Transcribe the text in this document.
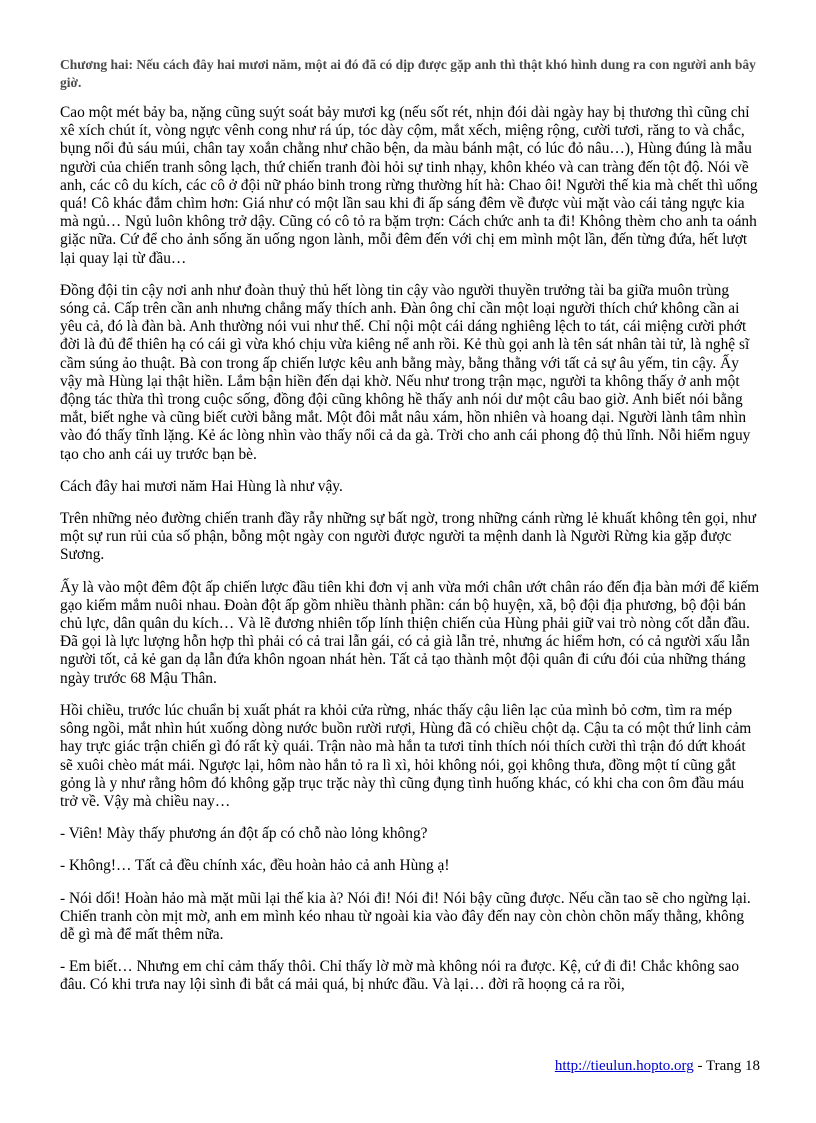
Chương hai: Nếu cách đây hai mươi năm, một ai đó đã có dịp được gặp anh thì thật khó hình dung ra con người anh bây giờ.

Cao một mét bảy ba, nặng cũng suýt soát bảy mươi kg (nếu sốt rét, nhịn đói dài ngày hay bị thương thì cũng chỉ xê xích chút ít, vòng ngực vênh cong như rá úp, tóc dày cộm, mắt xếch, miệng rộng, cười tươi, răng to và chắc, bụng nổi đủ sáu múi, chân tay xoắn chằng như chão bện, da màu bánh mật, có lúc đỏ nâu…), Hùng đúng là mẫu người của chiến tranh sông lạch, thứ chiến tranh đòi hỏi sự tinh nhạy, khôn khéo và can tràng đến tột độ. Nói về anh, các cô du kích, các cô ở đội nữ pháo binh trong rừng thường hít hà: Chao ôi! Người thế kia mà chết thì uổng quá! Cô khác đắm chìm hơn: Giá như có một lần sau khi đi ấp sáng đêm về được vùi mặt vào cái tảng ngực kia mà ngủ… Ngủ luôn không trở dậy. Cũng có cô tỏ ra bặm trợn: Cách chức anh ta đi! Không thèm cho anh ta oánh giặc nữa. Cứ để cho ảnh sống ăn uống ngon lành, mỗi đêm đến với chị em mình một lần, đến từng đứa, hết lượt lại quay lại từ đầu…

Đồng đội tin cậy nơi anh như đoàn thuỷ thủ hết lòng tin cậy vào người thuyền trưởng tài ba giữa muôn trùng sóng cả. Cấp trên cần anh nhưng chẳng mấy thích anh. Đàn ông chỉ cần một loại người thích chứ không cần ai yêu cả, đó là đàn bà. Anh thường nói vui như thế. Chỉ nội một cái dáng nghiêng lệch to tát, cái miệng cười phớt đời là đủ để thiên hạ có cái gì vừa khó chịu vừa kiêng nể anh rồi. Kẻ thù gọi anh là tên sát nhân tài tử, là nghệ sĩ cầm súng ảo thuật. Bà con trong ấp chiến lược kêu anh bằng mày, bằng thằng với tất cả sự âu yếm, tin cậy. Ấy vậy mà Hùng lại thật hiền. Lắm bận hiền đến dại khờ. Nếu như trong trận mạc, người ta không thấy ở anh một động tác thừa thì trong cuộc sống, đồng đội cũng không hề thấy anh nói dư một câu bao giờ. Anh biết nói bằng mắt, biết nghe và cũng biết cười bằng mắt. Một đôi mắt nâu xám, hồn nhiên và hoang dại. Người lành tâm nhìn vào đó thấy tĩnh lặng. Kẻ ác lòng nhìn vào thấy nổi cả da gà. Trời cho anh cái phong độ thủ lĩnh. Nỗi hiểm nguy tạo cho anh cái uy trước bạn bè.

Cách đây hai mươi năm Hai Hùng là như vậy.

Trên những nẻo đường chiến tranh đầy rẫy những sự bất ngờ, trong những cánh rừng lẻ khuất không tên gọi, như một sự run rủi của số phận, bỗng một ngày con người được người ta mệnh danh là Người Rừng kia gặp được Sương.

Ấy là vào một đêm đột ấp chiến lược đầu tiên khi đơn vị anh vừa mới chân ướt chân ráo đến địa bàn mới để kiếm gạo kiếm mắm nuôi nhau. Đoàn đột ấp gồm nhiều thành phần: cán bộ huyện, xã, bộ đội địa phương, bộ đội bán chủ lực, dân quân du kích… Và lẽ đương nhiên tốp lính thiện chiến của Hùng phải giữ vai trò nòng cốt dẫn đầu. Đã gọi là lực lượng hỗn hợp thì phải có cả trai lẫn gái, có cả già lẫn trẻ, nhưng ác hiểm hơn, có cả người xấu lẫn người tốt, cả kẻ gan dạ lẫn đứa khôn ngoan nhát hèn. Tất cả tạo thành một đội quân đi cứu đói của những tháng ngày trước 68 Mậu Thân.

Hồi chiều, trước lúc chuẩn bị xuất phát ra khỏi cửa rừng, nhác thấy cậu liên lạc của mình bỏ cơm, tìm ra mép sông ngồi, mắt nhìn hút xuống dòng nước buồn rười rượi, Hùng đã có chiều chột dạ. Cậu ta có một thứ linh cảm hay trực giác trận chiến gì đó rất kỳ quái. Trận nào mà hắn ta tươi tỉnh thích nói thích cười thì trận đó dứt khoát sẽ xuôi chèo mát mái. Ngược lại, hôm nào hắn tỏ ra lì xì, hỏi không nói, gọi không thưa, đồng một tí cũng gắt gỏng là y như rằng hôm đó không gặp trục trặc này thì cũng đụng tình huống khác, có khi cha con ôm đầu máu trở về. Vậy mà chiều nay…

- Viên! Mày thấy phương án đột ấp có chỗ nào lỏng không?

- Không!… Tất cả đều chính xác, đều hoàn hảo cả anh Hùng ạ!

- Nói dối! Hoàn hảo mà mặt mũi lại thế kia à? Nói đi! Nói đi! Nói bậy cũng được. Nếu cần tao sẽ cho ngừng lại. Chiến tranh còn mịt mờ, anh em mình kéo nhau từ ngoài kia vào đây đến nay còn chòn chõn mấy thằng, không dễ gì mà để mất thêm nữa.

- Em biết… Nhưng em chỉ cảm thấy thôi. Chỉ thấy lờ mờ mà không nói ra được. Kệ, cứ đi đi! Chắc không sao đâu. Có khi trưa nay lội sình đi bắt cá mải quá, bị nhức đầu. Và lại… đời rã hoọng cả ra rồi,

http://tieulun.hopto.org - Trang 18
